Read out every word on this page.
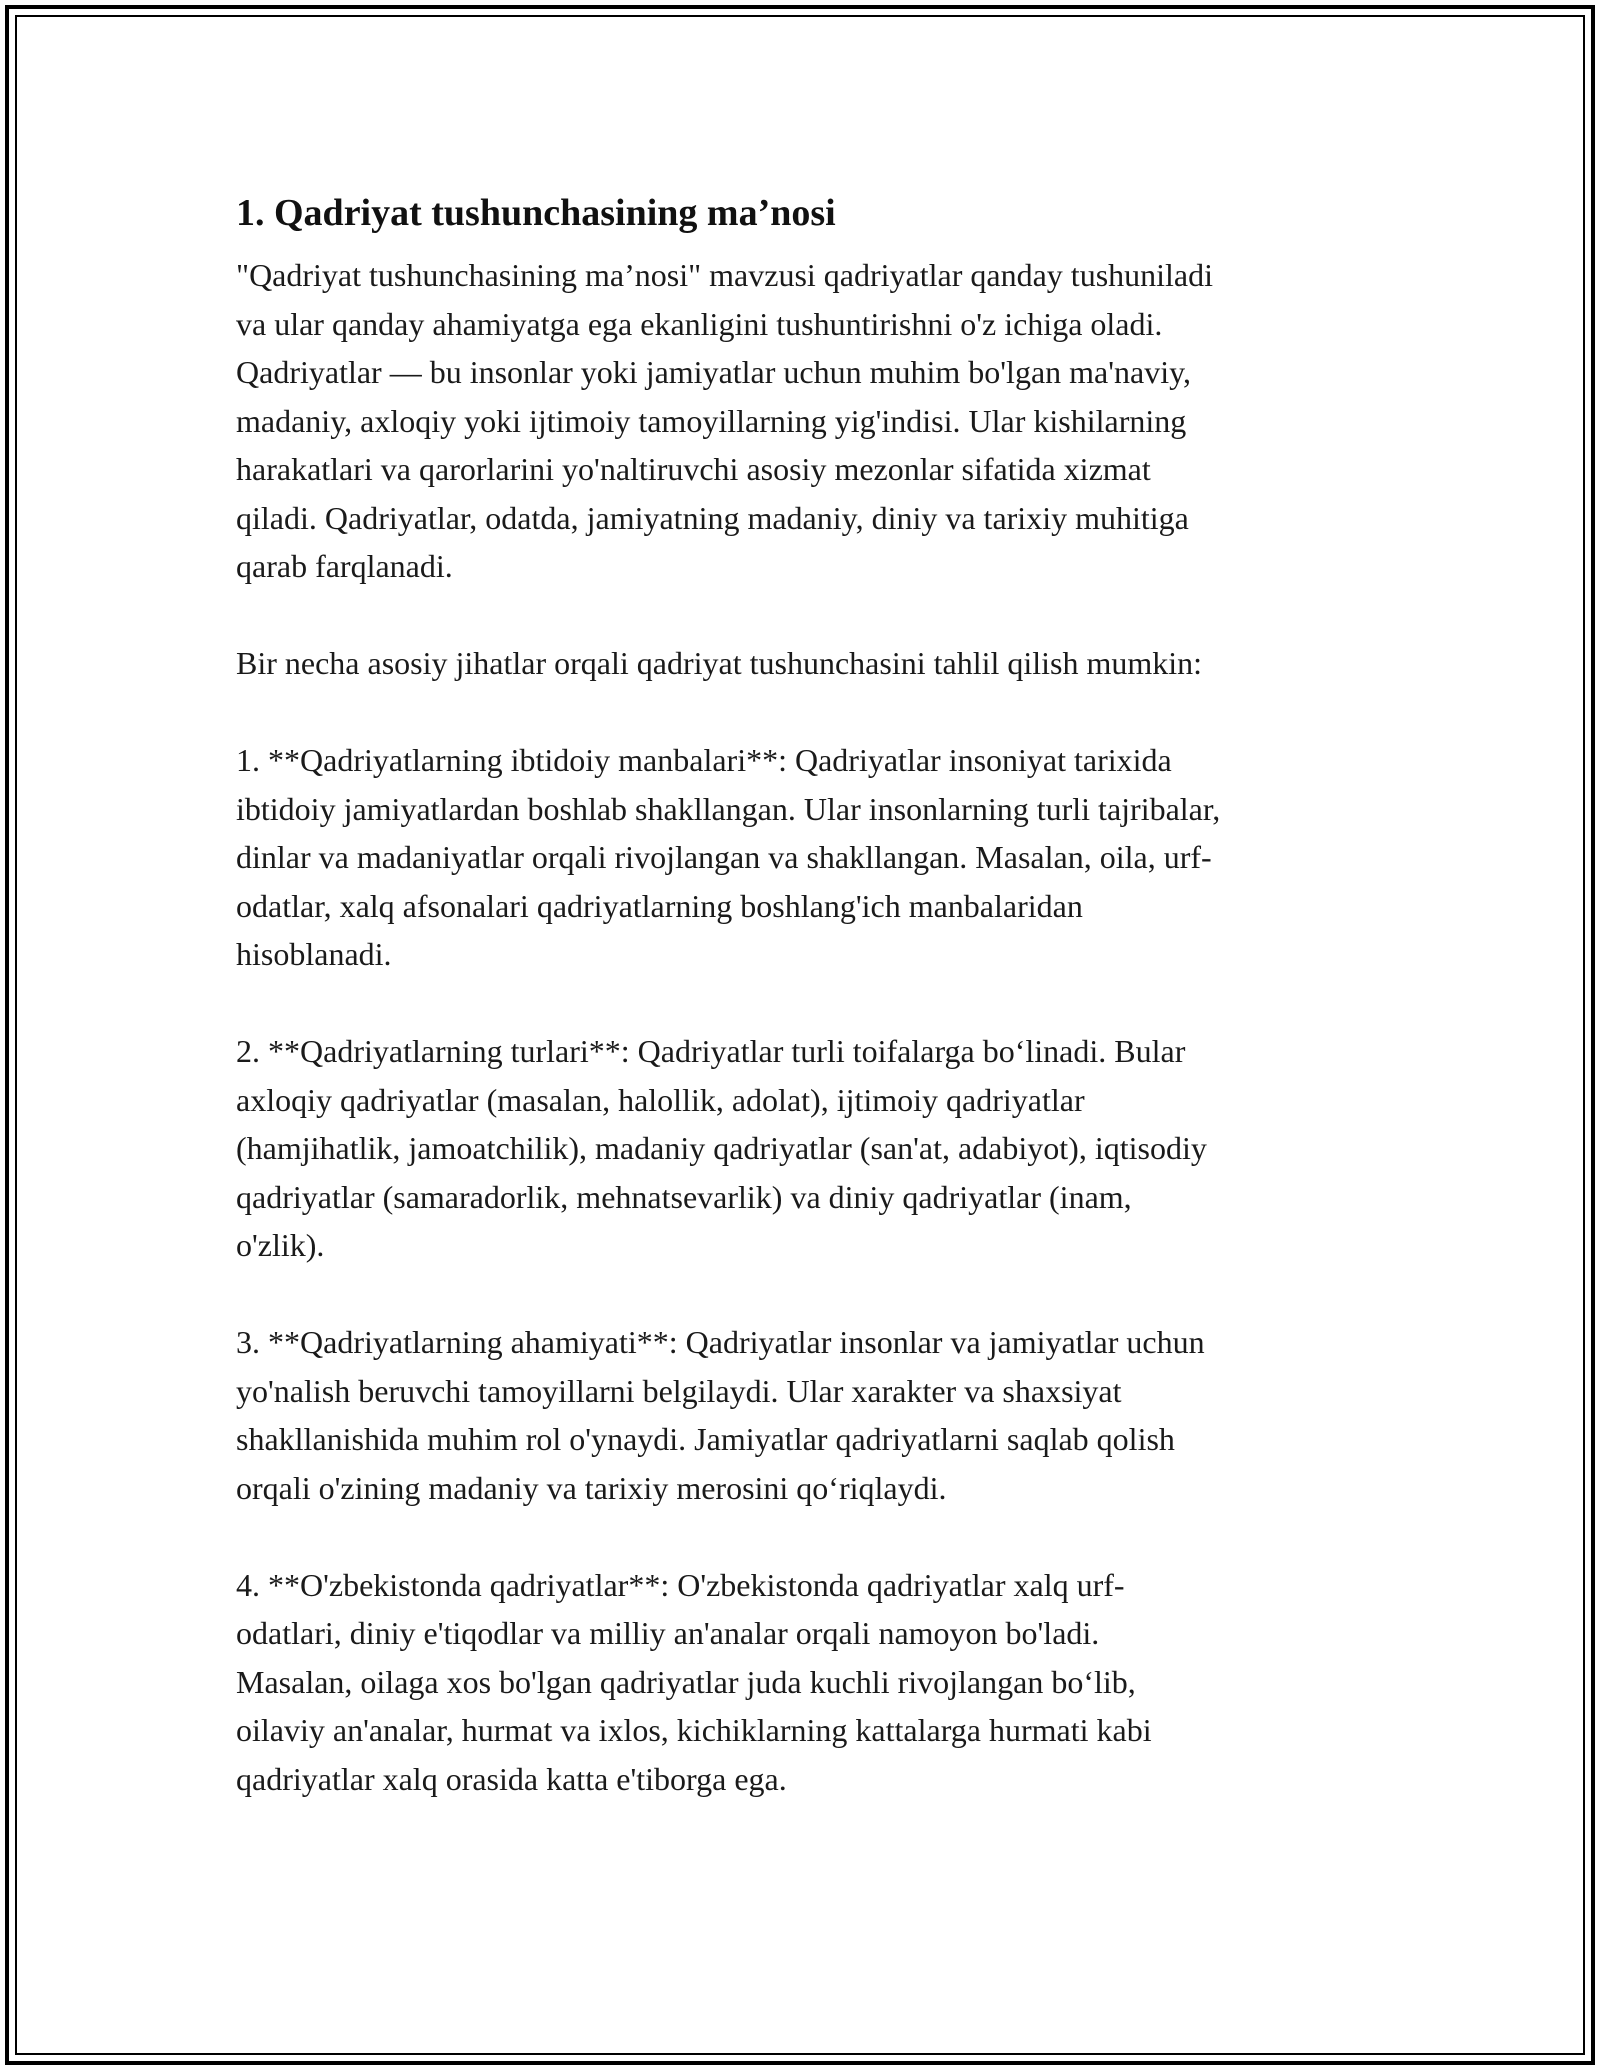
1. Qadriyat tushunchasining ma’nosi
"Qadriyat tushunchasining ma’nosi" mavzusi qadriyatlar qanday tushuniladi
va ular qanday ahamiyatga ega ekanligini tushuntirishni o'z ichiga oladi.
Qadriyatlar — bu insonlar yoki jamiyatlar uchun muhim bo'lgan ma'naviy,
madaniy, axloqiy yoki ijtimoiy tamoyillarning yig'indisi. Ular kishilarning
harakatlari va qarorlarini yo'naltiruvchi asosiy mezonlar sifatida xizmat
qiladi. Qadriyatlar, odatda, jamiyatning madaniy, diniy va tarixiy muhitiga
qarab farqlanadi.
Bir necha asosiy jihatlar orqali qadriyat tushunchasini tahlil qilish mumkin:
1. **Qadriyatlarning ibtidoiy manbalari**: Qadriyatlar insoniyat tarixida
ibtidoiy jamiyatlardan boshlab shakllangan. Ular insonlarning turli tajribalar,
dinlar va madaniyatlar orqali rivojlangan va shakllangan. Masalan, oila, urf-
odatlar, xalq afsonalari qadriyatlarning boshlang'ich manbalaridan
hisoblanadi.
2. **Qadriyatlarning turlari**: Qadriyatlar turli toifalarga bo‘linadi. Bular
axloqiy qadriyatlar (masalan, halollik, adolat), ijtimoiy qadriyatlar
(hamjihatlik, jamoatchilik), madaniy qadriyatlar (san'at, adabiyot), iqtisodiy
qadriyatlar (samaradorlik, mehnatsevarlik) va diniy qadriyatlar (inam,
o'zlik).
3. **Qadriyatlarning ahamiyati**: Qadriyatlar insonlar va jamiyatlar uchun
yo'nalish beruvchi tamoyillarni belgilaydi. Ular xarakter va shaxsiyat
shakllanishida muhim rol o'ynaydi. Jamiyatlar qadriyatlarni saqlab qolish
orqali o'zining madaniy va tarixiy merosini qo‘riqlaydi.
4. **O'zbekistonda qadriyatlar**: O'zbekistonda qadriyatlar xalq urf-
odatlari, diniy e'tiqodlar va milliy an'analar orqali namoyon bo'ladi.
Masalan, oilaga xos bo'lgan qadriyatlar juda kuchli rivojlangan bo‘lib,
oilaviy an'analar, hurmat va ixlos, kichiklarning kattalarga hurmati kabi
qadriyatlar xalq orasida katta e'tiborga ega.
